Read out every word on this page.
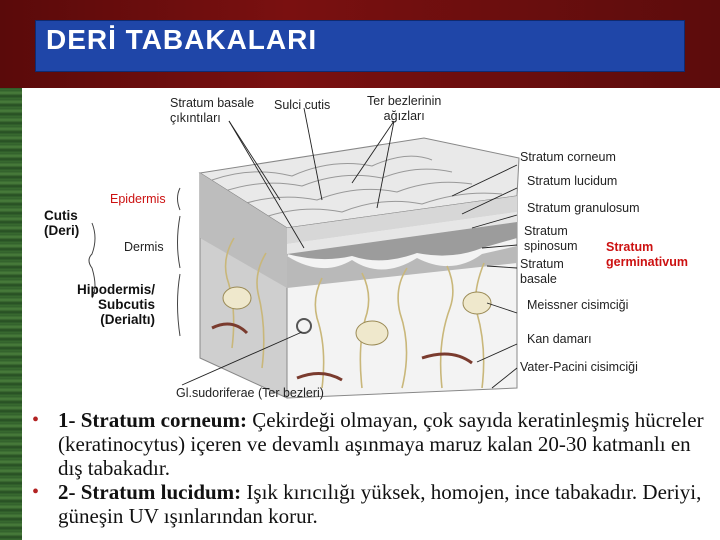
DERİ TABAKALARI
Stratum basale
çıkıntıları
Sulci cutis	Ter bezlerinin
ağızları
Stratum corneum
Stratum lucidum
Stratum granulosum
Stratum
spinosum
Stratum
basale
Stratum
germinativum
Meissner cisimciği
Kan damarı
Vater-Pacini cisimciği
Gl.sudoriferae (Ter bezleri)
Epidermis
Cutis
(Deri)
Dermis
Hipodermis/
Subcutis
(Derialtı)

• 1- Stratum corneum: Çekirdeği olmayan, çok sayıda keratinleşmiş hücreler (keratinocytus) içeren ve devamlı aşınmaya maruz kalan 20-30 katmanlı en dış tabakadır.

• 2- Stratum lucidum: Işık kırıcılığı yüksek, homojen, ince tabakadır. Deriyi, güneşin UV ışınlarından korur.
